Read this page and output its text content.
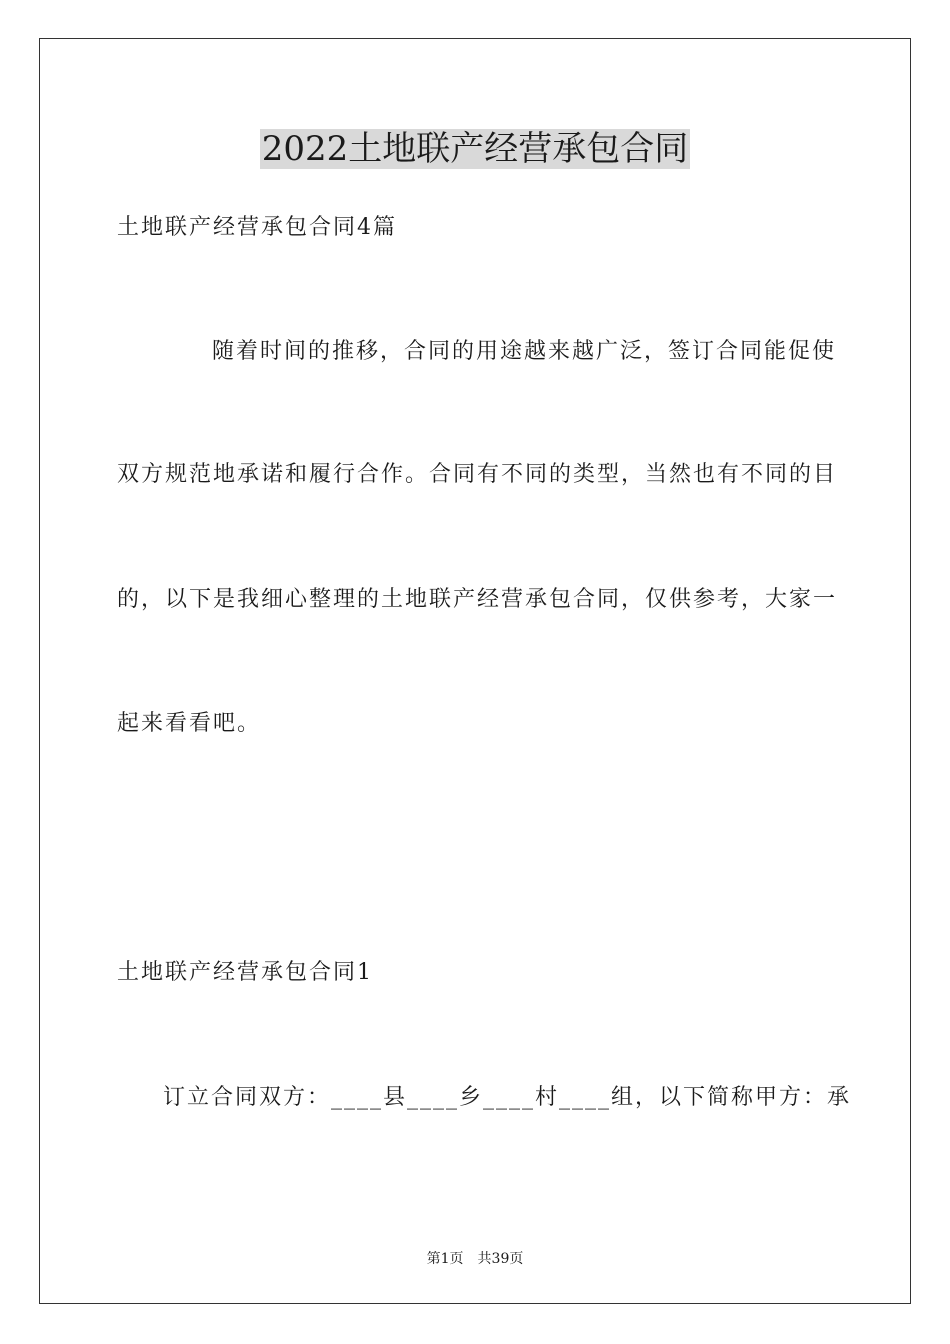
2022土地联产经营承包合同
土地联产经营承包合同4篇
随着时间的推移，合同的用途越来越广泛，签订合同能促使
双方规范地承诺和履行合作。合同有不同的类型，当然也有不同的目
的，以下是我细心整理的土地联产经营承包合同，仅供参考，大家一
起来看看吧。
土地联产经营承包合同1
订立合同双方：____县____乡____村____组，以下简称甲方：承
第1页 共39页
